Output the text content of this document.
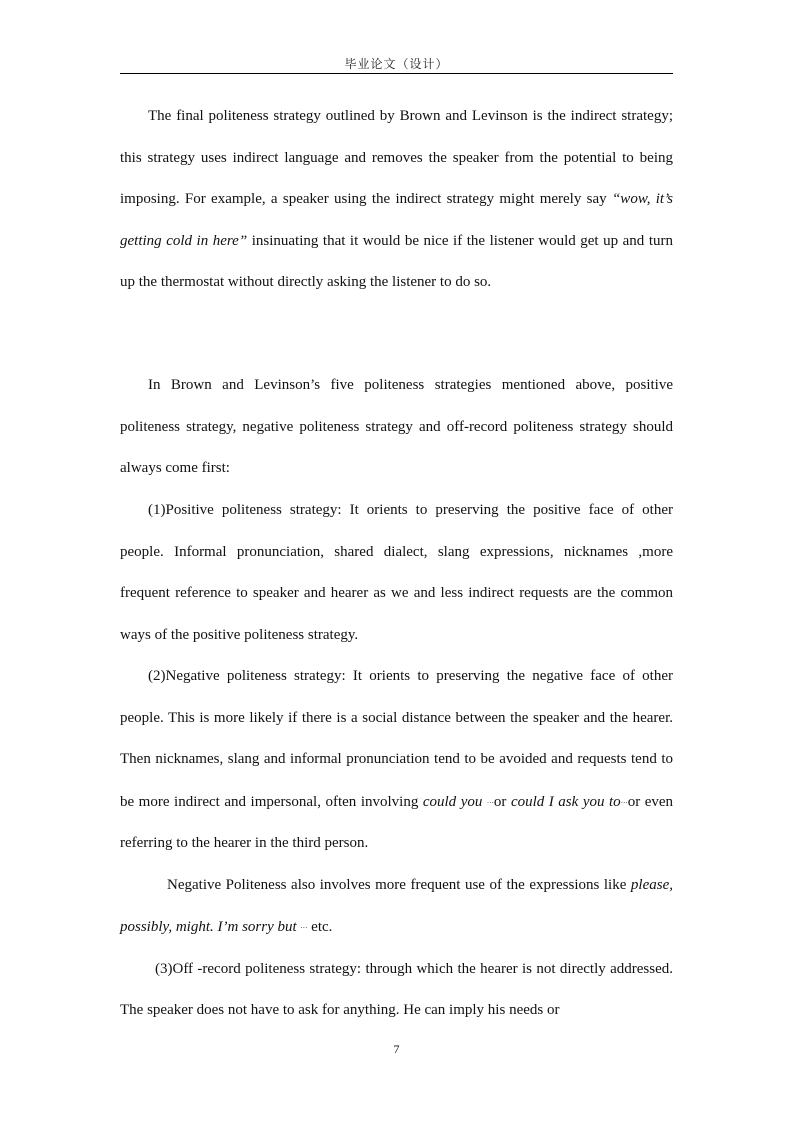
毕业论文（设计）

The final politeness strategy outlined by Brown and Levinson is the indirect strategy; this strategy uses indirect language and removes the speaker from the potential to being imposing. For example, a speaker using the indirect strategy might merely say “wow, it’s getting cold in here” insinuating that it would be nice if the listener would get up and turn up the thermostat without directly asking the listener to do so.

In Brown and Levinson’s five politeness strategies mentioned above, positive politeness strategy, negative politeness strategy and off-record politeness strategy should always come first:

(1)Positive politeness strategy: It orients to preserving the positive face of other people. Informal pronunciation, shared dialect, slang expressions, nicknames ,more frequent reference to speaker and hearer as we and less indirect requests are the common ways of the positive politeness strategy.

(2)Negative politeness strategy: It orients to preserving the negative face of other people. This is more likely if there is a social distance between the speaker and the hearer. Then nicknames, slang and informal pronunciation tend to be avoided and requests tend to be more indirect and impersonal, often involving could you …or could I ask you to…or even referring to the hearer in the third person.

Negative Politeness also involves more frequent use of the expressions like please, possibly, might. I’m sorry but … etc.

(3)Off -record politeness strategy: through which the hearer is not directly addressed. The speaker does not have to ask for anything. He can imply his needs or

7
